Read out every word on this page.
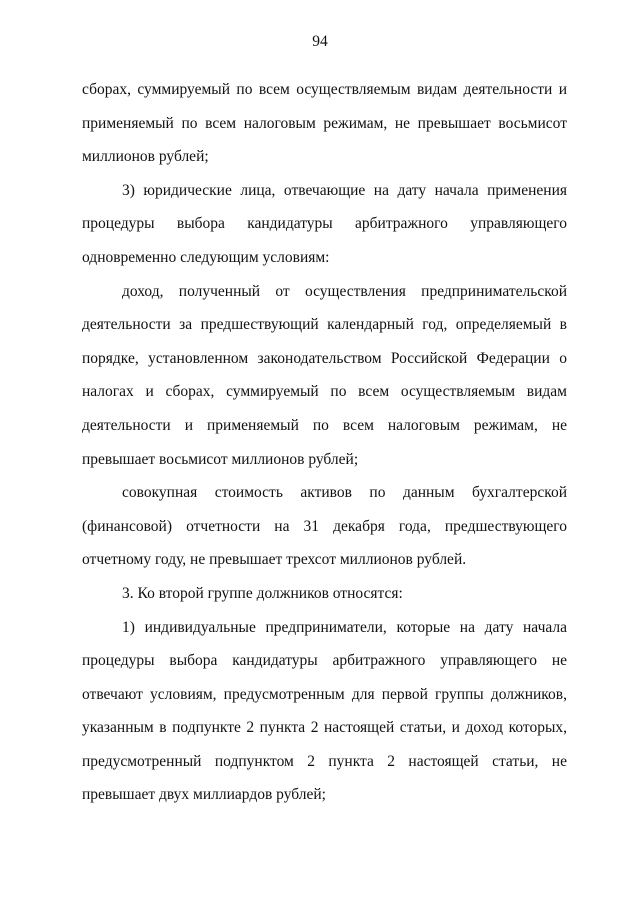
94

сборах, суммируемый по всем осуществляемым видам деятельности и применяемый по всем налоговым режимам, не превышает восьмисот миллионов рублей;

3) юридические лица, отвечающие на дату начала применения процедуры выбора кандидатуры арбитражного управляющего одновременно следующим условиям:

доход, полученный от осуществления предпринимательской деятельности за предшествующий календарный год, определяемый в порядке, установленном законодательством Российской Федерации о налогах и сборах, суммируемый по всем осуществляемым видам деятельности и применяемый по всем налоговым режимам, не превышает восьмисот миллионов рублей;

совокупная стоимость активов по данным бухгалтерской (финансовой) отчетности на 31 декабря года, предшествующего отчетному году, не превышает трехсот миллионов рублей.

3. Ко второй группе должников относятся:

1) индивидуальные предприниматели, которые на дату начала процедуры выбора кандидатуры арбитражного управляющего не отвечают условиям, предусмотренным для первой группы должников, указанным в подпункте 2 пункта 2 настоящей статьи, и доход которых, предусмотренный подпунктом 2 пункта 2 настоящей статьи, не превышает двух миллиардов рублей;
